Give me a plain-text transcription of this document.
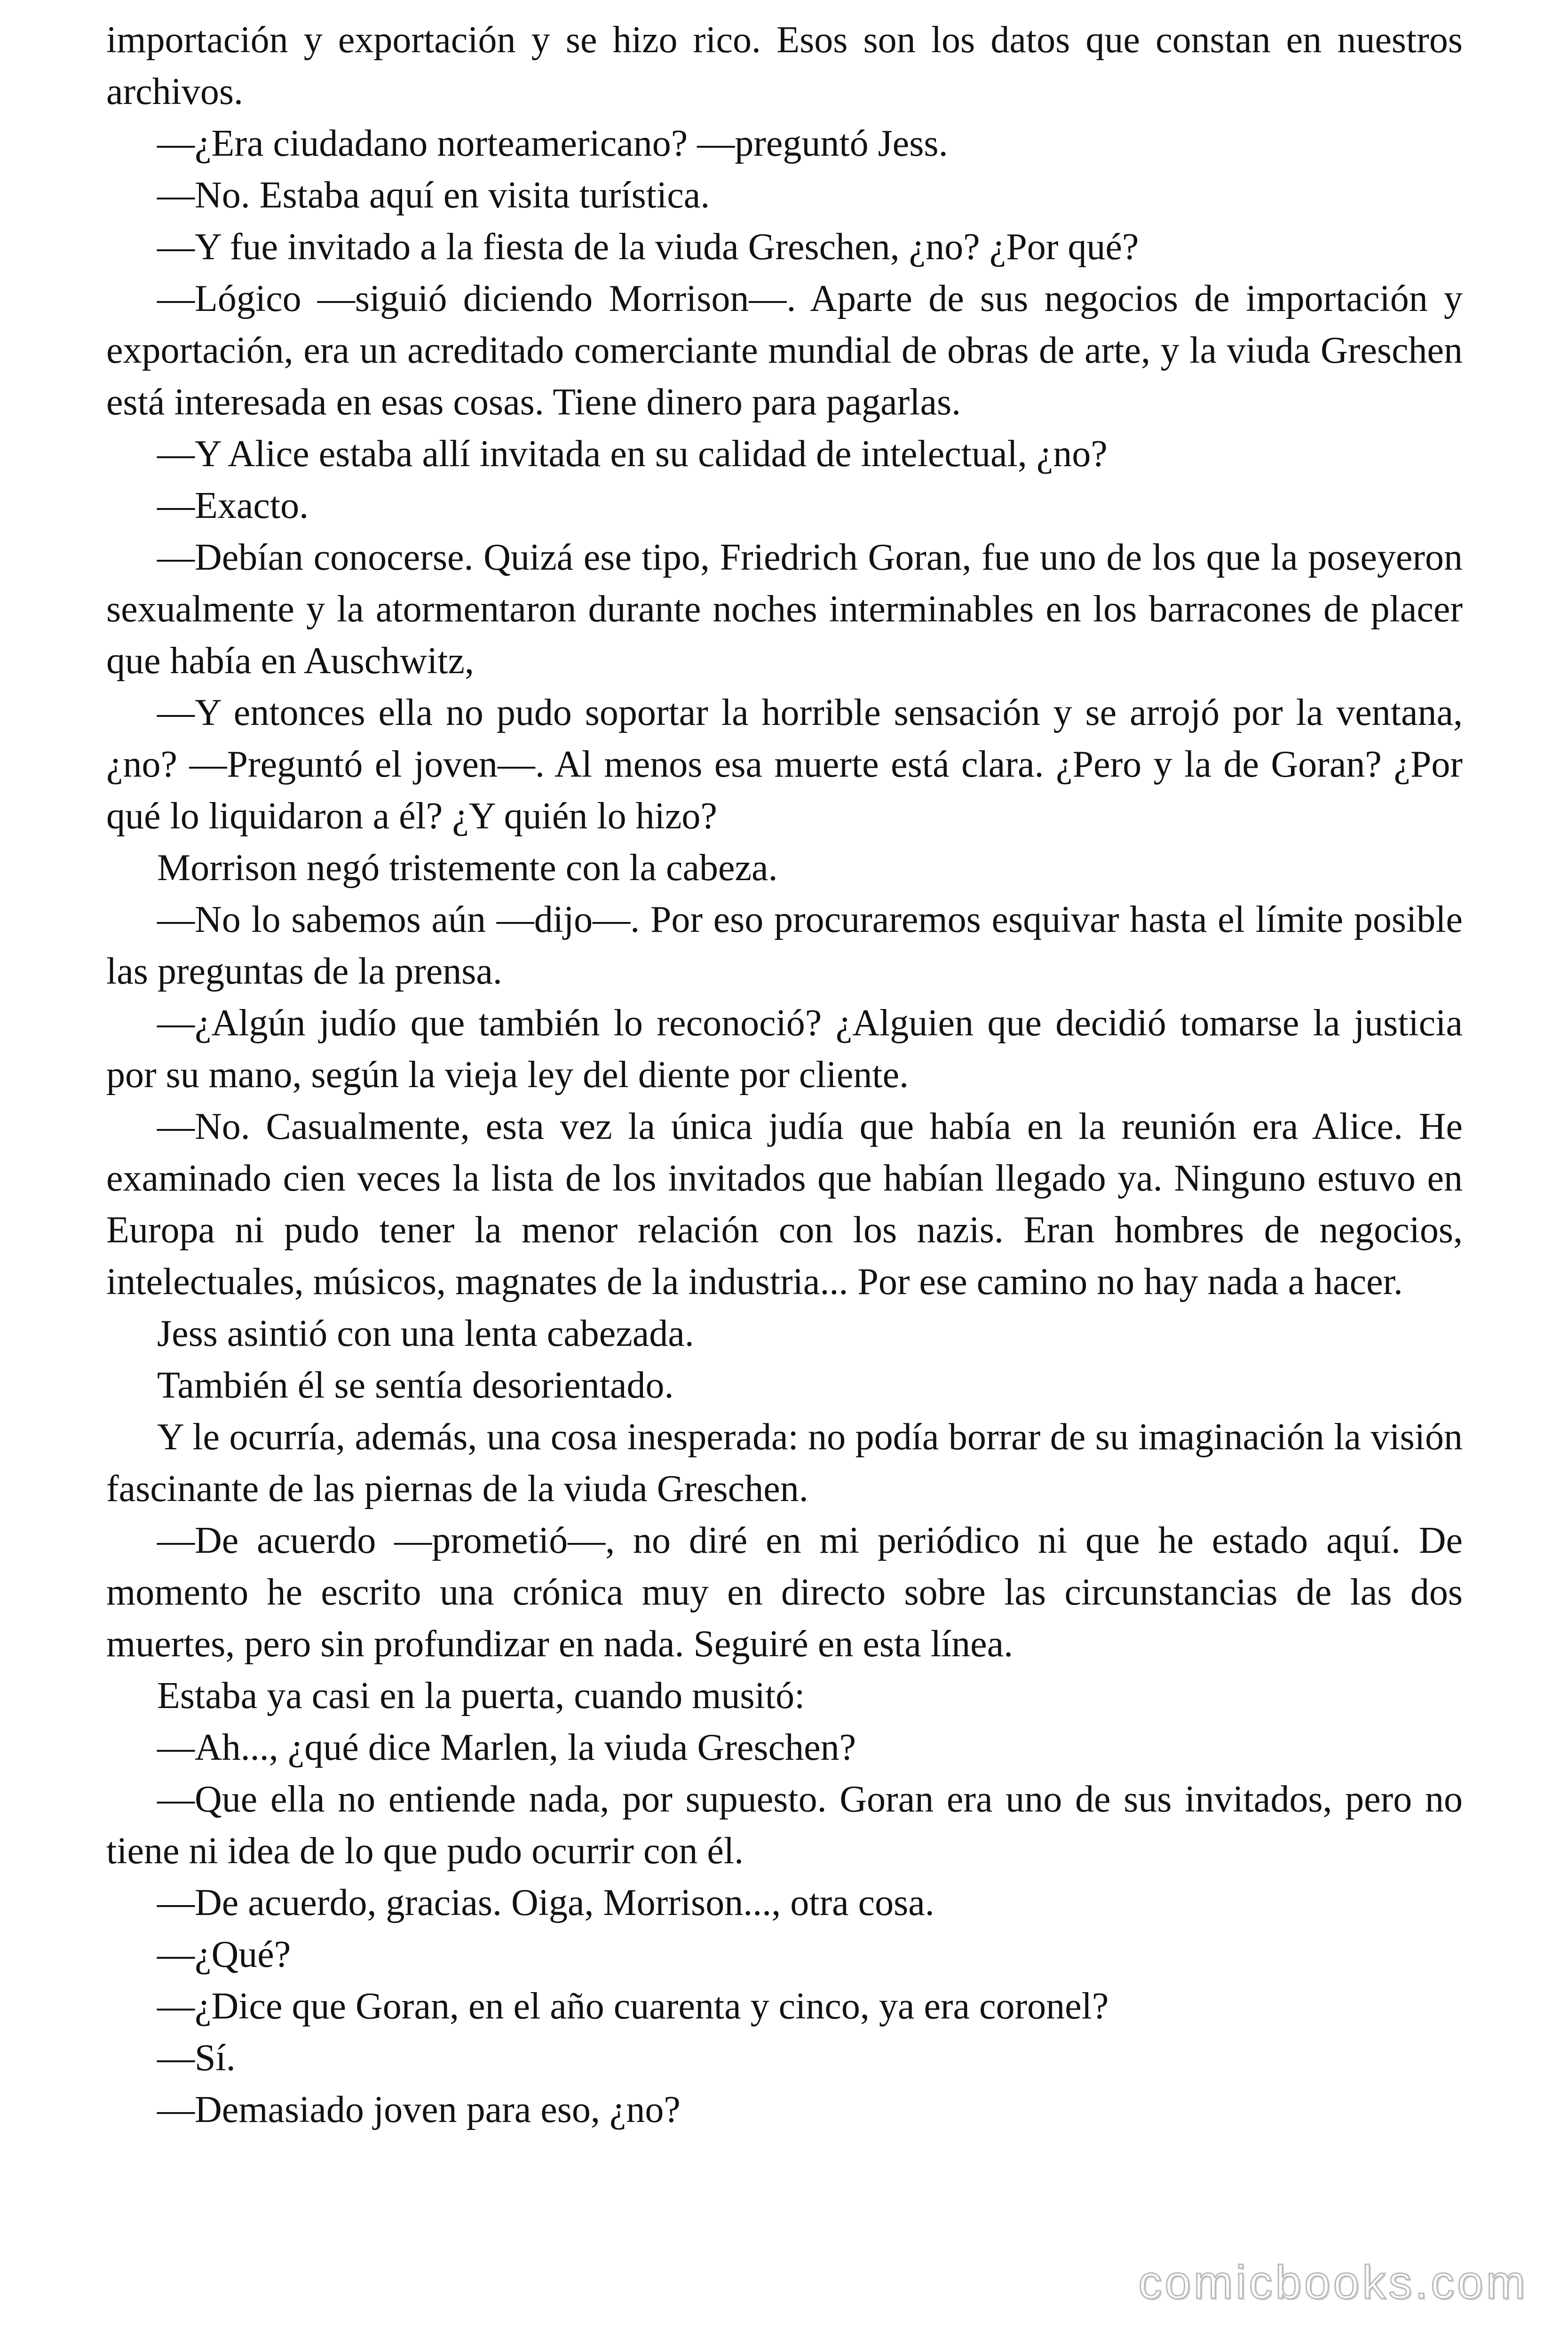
importación y exportación y se hizo rico. Esos son los datos que constan en nuestros archivos.

—¿Era ciudadano norteamericano? —preguntó Jess.

—No. Estaba aquí en visita turística.

—Y fue invitado a la fiesta de la viuda Greschen, ¿no? ¿Por qué?

—Lógico —siguió diciendo Morrison—. Aparte de sus negocios de importación y exportación, era un acreditado comerciante mundial de obras de arte, y la viuda Greschen está interesada en esas cosas. Tiene dinero para pagarlas.

—Y Alice estaba allí invitada en su calidad de intelectual, ¿no?

—Exacto.

—Debían conocerse. Quizá ese tipo, Friedrich Goran, fue uno de los que la poseyeron sexualmente y la atormentaron durante noches interminables en los barracones de placer que había en Auschwitz,

—Y entonces ella no pudo soportar la horrible sensación y se arrojó por la ventana, ¿no? —Preguntó el joven—. Al menos esa muerte está clara. ¿Pero y la de Goran? ¿Por qué lo liquidaron a él? ¿Y quién lo hizo?

Morrison negó tristemente con la cabeza.

—No lo sabemos aún —dijo—. Por eso procuraremos esquivar hasta el límite posible las preguntas de la prensa.

—¿Algún judío que también lo reconoció? ¿Alguien que decidió tomarse la justicia por su mano, según la vieja ley del diente por cliente.

—No. Casualmente, esta vez la única judía que había en la reunión era Alice. He examinado cien veces la lista de los invitados que habían llegado ya. Ninguno estuvo en Europa ni pudo tener la menor relación con los nazis. Eran hombres de negocios, intelectuales, músicos, magnates de la industria... Por ese camino no hay nada a hacer.

Jess asintió con una lenta cabezada.

También él se sentía desorientado.

Y le ocurría, además, una cosa inesperada: no podía borrar de su imaginación la visión fascinante de las piernas de la viuda Greschen.

—De acuerdo —prometió—, no diré en mi periódico ni que he estado aquí. De momento he escrito una crónica muy en directo sobre las circunstancias de las dos muertes, pero sin profundizar en nada. Seguiré en esta línea.

Estaba ya casi en la puerta, cuando musitó:

—Ah..., ¿qué dice Marlen, la viuda Greschen?

—Que ella no entiende nada, por supuesto. Goran era uno de sus invitados, pero no tiene ni idea de lo que pudo ocurrir con él.

—De acuerdo, gracias. Oiga, Morrison..., otra cosa.

—¿Qué?

—¿Dice que Goran, en el año cuarenta y cinco, ya era coronel?

—Sí.

—Demasiado joven para eso, ¿no?

comicbooks.com
